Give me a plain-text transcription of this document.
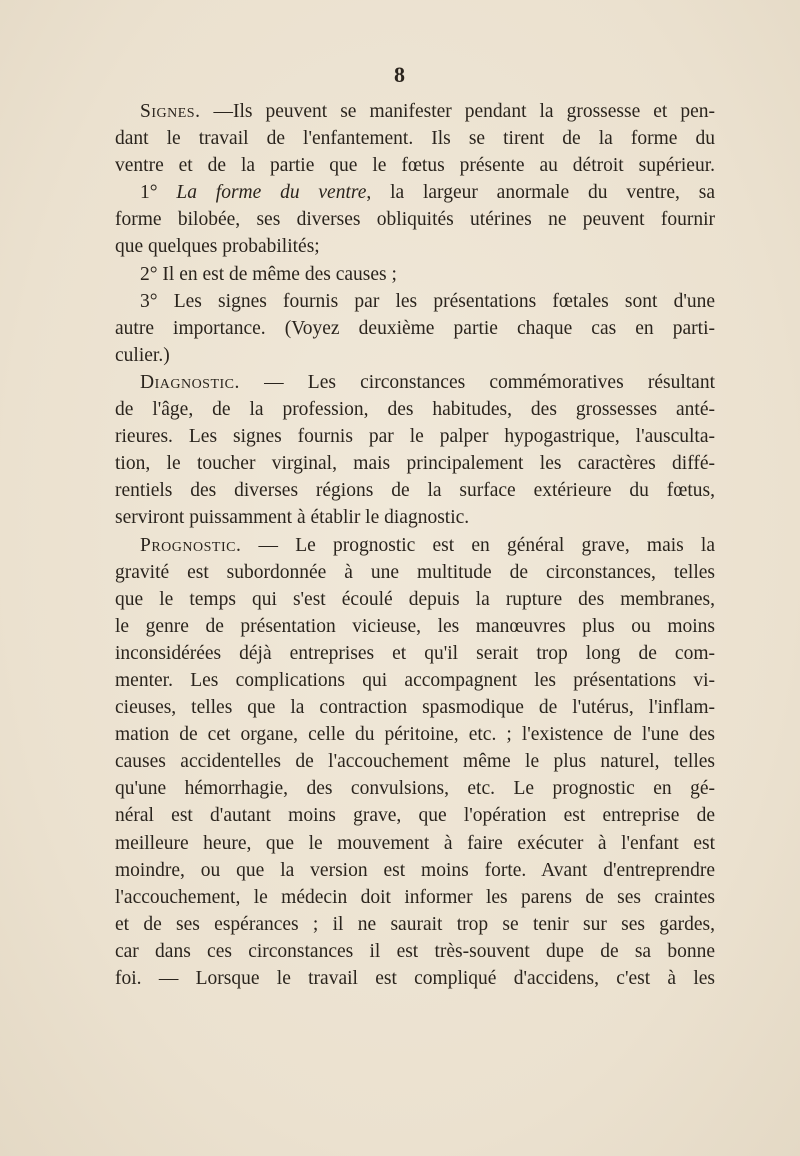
8
Signes. —Ils peuvent se manifester pendant la grossesse et pen-
dant le travail de l'enfantement. Ils se tirent de la forme du
ventre et de la partie que le fœtus présente au détroit supérieur.
1° La forme du ventre, la largeur anormale du ventre, sa
forme bilobée, ses diverses obliquités utérines ne peuvent fournir
que quelques probabilités;
2° Il en est de même des causes ;
3° Les signes fournis par les présentations fœtales sont d'une
autre importance. (Voyez deuxième partie chaque cas en parti-
culier.)
Diagnostic. — Les circonstances commémoratives résultant
de l'âge, de la profession, des habitudes, des grossesses anté-
rieures. Les signes fournis par le palper hypogastrique, l'ausculta-
tion, le toucher virginal, mais principalement les caractères diffé-
rentiels des diverses régions de la surface extérieure du fœtus,
serviront puissamment à établir le diagnostic.
Prognostic. — Le prognostic est en général grave, mais la
gravité est subordonnée à une multitude de circonstances, telles
que le temps qui s'est écoulé depuis la rupture des membranes,
le genre de présentation vicieuse, les manœuvres plus ou moins
inconsidérées déjà entreprises et qu'il serait trop long de com-
menter. Les complications qui accompagnent les présentations vi-
cieuses, telles que la contraction spasmodique de l'utérus, l'inflam-
mation de cet organe, celle du péritoine, etc. ; l'existence de l'une des
causes accidentelles de l'accouchement même le plus naturel, telles
qu'une hémorrhagie, des convulsions, etc. Le prognostic en gé-
néral est d'autant moins grave, que l'opération est entreprise de
meilleure heure, que le mouvement à faire exécuter à l'enfant est
moindre, ou que la version est moins forte. Avant d'entreprendre
l'accouchement, le médecin doit informer les parens de ses craintes
et de ses espérances ; il ne saurait trop se tenir sur ses gardes,
car dans ces circonstances il est très-souvent dupe de sa bonne
foi. — Lorsque le travail est compliqué d'accidens, c'est à les
